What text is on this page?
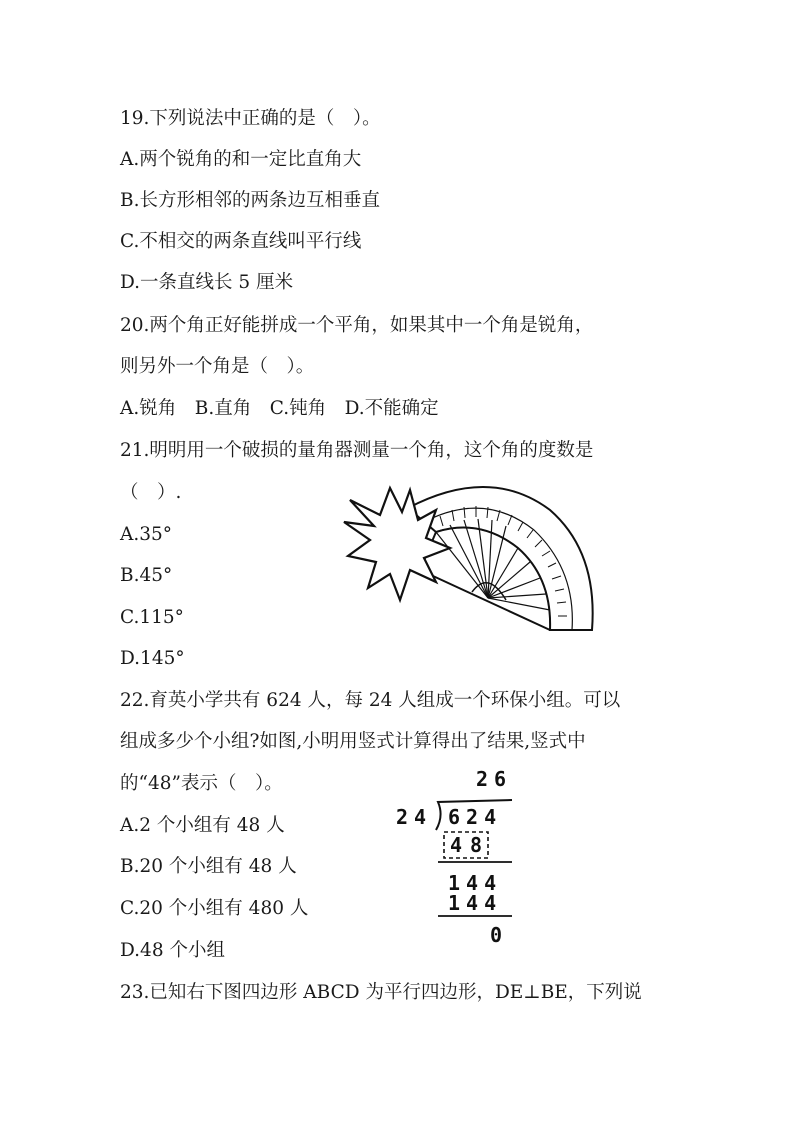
19.下列说法中正确的是（　）。
A.两个锐角的和一定比直角大
B.长方形相邻的两条边互相垂直
C.不相交的两条直线叫平行线
D.一条直线长 5 厘米
20.两个角正好能拼成一个平角，如果其中一个角是锐角，
则另外一个角是（　）。
A.锐角　B.直角　C.钝角　D.不能确定
21.明明用一个破损的量角器测量一个角，这个角的度数是
（　）.
A.35°
B.45°
C.115°
D.145°
22.育英小学共有 624 人，每 24 人组成一个环保小组。可以
组成多少个小组?如图,小明用竖式计算得出了结果,竖式中
的“48”表示（　）。
A.2 个小组有 48 人
B.20 个小组有 48 人
C.20 个小组有 480 人
D.48 个小组
26
24 624
48
144
144
0
23.已知右下图四边形 ABCD 为平行四边形，DE⊥BE，下列说
